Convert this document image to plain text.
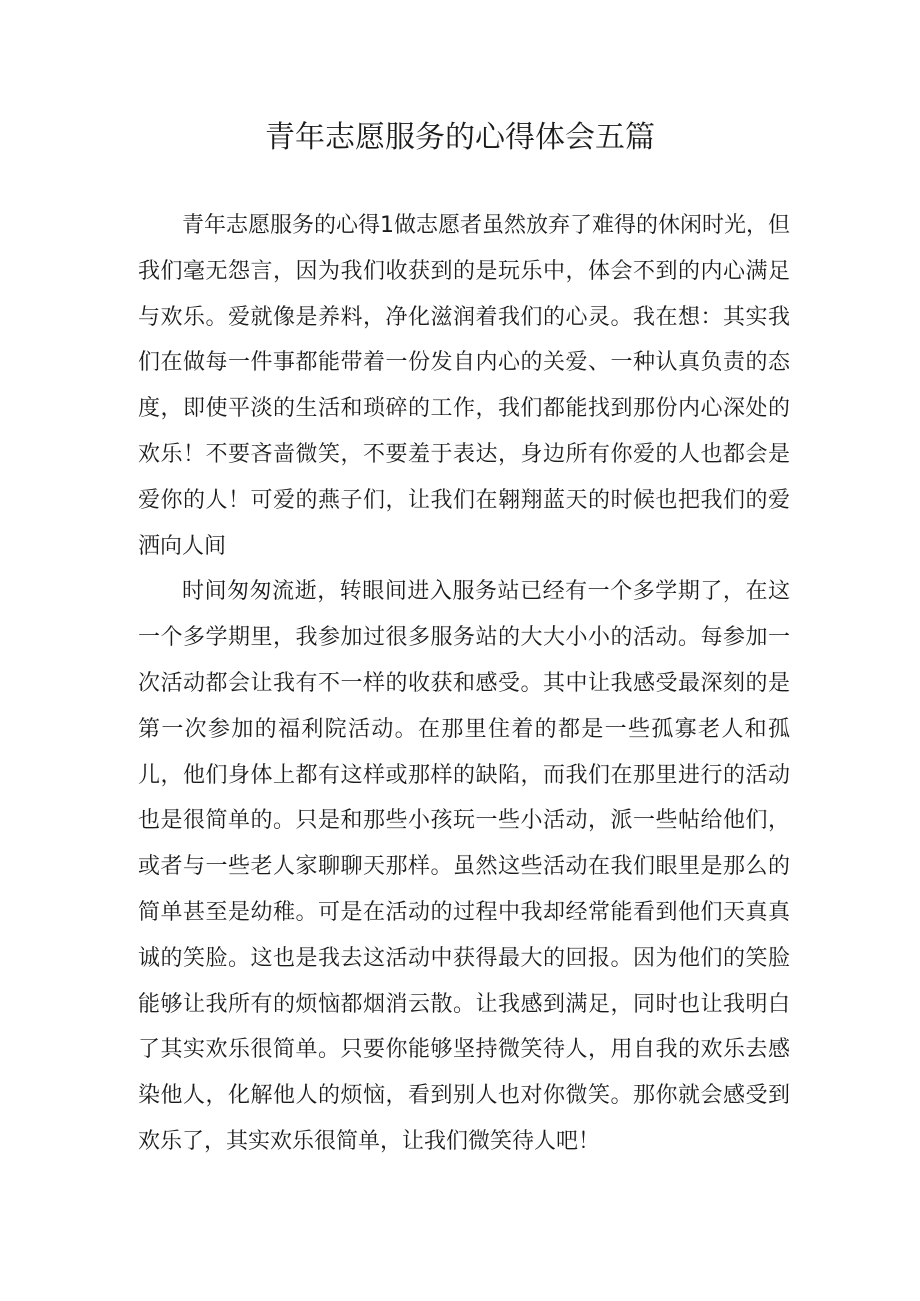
青年志愿服务的心得体会五篇

青年志愿服务的心得1做志愿者虽然放弃了难得的休闲时光，但我们毫无怨言，因为我们收获到的是玩乐中，体会不到的内心满足与欢乐。爱就像是养料，净化滋润着我们的心灵。我在想：其实我们在做每一件事都能带着一份发自内心的关爱、一种认真负责的态度，即使平淡的生活和琐碎的工作，我们都能找到那份内心深处的欢乐！不要吝啬微笑，不要羞于表达，身边所有你爱的人也都会是爱你的人！可爱的燕子们，让我们在翱翔蓝天的时候也把我们的爱洒向人间

时间匆匆流逝，转眼间进入服务站已经有一个多学期了，在这一个多学期里，我参加过很多服务站的大大小小的活动。每参加一次活动都会让我有不一样的收获和感受。其中让我感受最深刻的是第一次参加的福利院活动。在那里住着的都是一些孤寡老人和孤儿，他们身体上都有这样或那样的缺陷，而我们在那里进行的活动也是很简单的。只是和那些小孩玩一些小活动，派一些帖给他们，或者与一些老人家聊聊天那样。虽然这些活动在我们眼里是那么的简单甚至是幼稚。可是在活动的过程中我却经常能看到他们天真真诚的笑脸。这也是我去这活动中获得最大的回报。因为他们的笑脸能够让我所有的烦恼都烟消云散。让我感到满足，同时也让我明白了其实欢乐很简单。只要你能够坚持微笑待人，用自我的欢乐去感染他人，化解他人的烦恼，看到别人也对你微笑。那你就会感受到欢乐了，其实欢乐很简单，让我们微笑待人吧！
